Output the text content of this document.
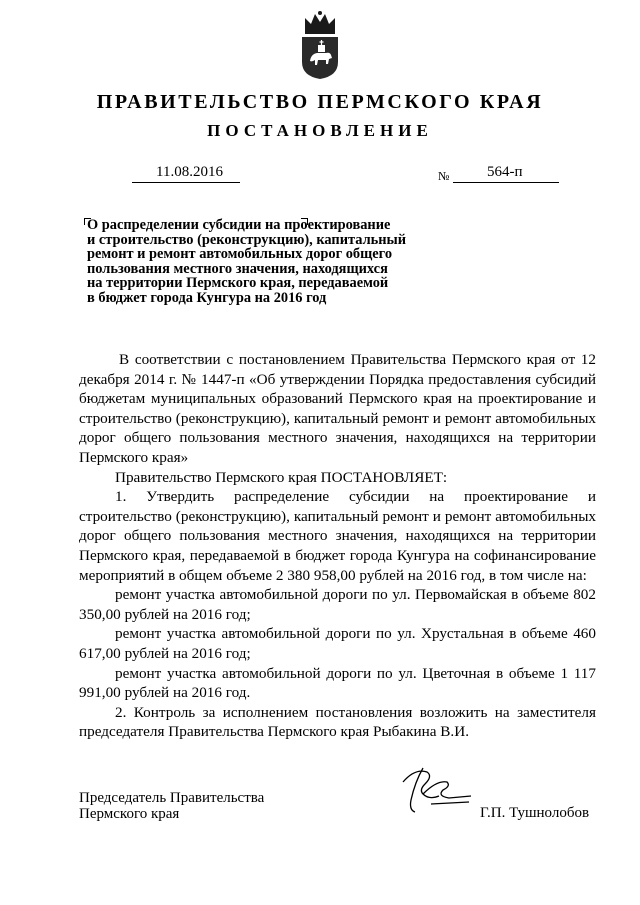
ПРАВИТЕЛЬСТВО ПЕРМСКОГО КРАЯ
ПОСТАНОВЛЕНИЕ
11.08.2016	№	564-п
О распределении субсидии на проектирование
и строительство (реконструкцию), капитальный
ремонт и ремонт автомобильных дорог общего
пользования местного значения, находящихся
на территории Пермского края, передаваемой
в бюджет города Кунгура на 2016 год

В соответствии с постановлением Правительства Пермского края от 12 декабря 2014 г. № 1447-п «Об утверждении Порядка предоставления субсидий бюджетам муниципальных образований Пермского края на проектирование и строительство (реконструкцию), капитальный ремонт и ремонт автомобильных дорог общего пользования местного значения, находящихся на территории Пермского края»

Правительство Пермского края ПОСТАНОВЛЯЕТ:

1. Утвердить распределение субсидии на проектирование и строительство (реконструкцию), капитальный ремонт и ремонт автомобильных дорог общего пользования местного значения, находящихся на территории Пермского края, передаваемой в бюджет города Кунгура на софинансирование мероприятий в общем объеме 2 380 958,00 рублей на 2016 год, в том числе на:

ремонт участка автомобильной дороги по ул. Первомайская в объеме 802 350,00 рублей на 2016 год;

ремонт участка автомобильной дороги по ул. Хрустальная в объеме 460 617,00 рублей на 2016 год;

ремонт участка автомобильной дороги по ул. Цветочная в объеме 1 117 991,00 рублей на 2016 год.

2. Контроль за исполнением постановления возложить на заместителя председателя Правительства Пермского края Рыбакина В.И.

Председатель Правительства
Пермского края	Г.П. Тушнолобов
